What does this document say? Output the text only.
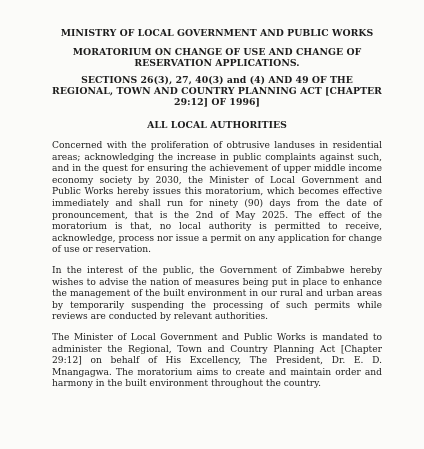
MINISTRY OF LOCAL GOVERNMENT AND PUBLIC WORKS

MORATORIUM ON CHANGE OF USE AND CHANGE OF RESERVATION APPLICATIONS.

SECTIONS 26(3), 27, 40(3) and (4) AND 49 OF THE REGIONAL, TOWN AND COUNTRY PLANNING ACT [CHAPTER 29:12] OF 1996]

ALL LOCAL AUTHORITIES

Concerned with the proliferation of obtrusive landuses in residential areas; acknowledging the increase in public complaints against such, and in the quest for ensuring the achievement of upper middle income economy society by 2030, the Minister of Local Government and Public Works hereby issues this moratorium, which becomes effective immediately and shall run for ninety (90) days from the date of pronouncement, that is the 2nd of May 2025. The effect of the moratorium is that, no local authority is permitted to receive, acknowledge, process nor issue a permit on any application for change of use or reservation.

In the interest of the public, the Government of Zimbabwe hereby wishes to advise the nation of measures being put in place to enhance the management of the built environment in our rural and urban areas by temporarily suspending the processing of such permits while reviews are conducted by relevant authorities.

The Minister of Local Government and Public Works is mandated to administer the Regional, Town and Country Planning Act [Chapter 29:12] on behalf of His Excellency, The President, Dr. E. D. Mnangagwa. The moratorium aims to create and maintain order and harmony in the built environment throughout the country.
